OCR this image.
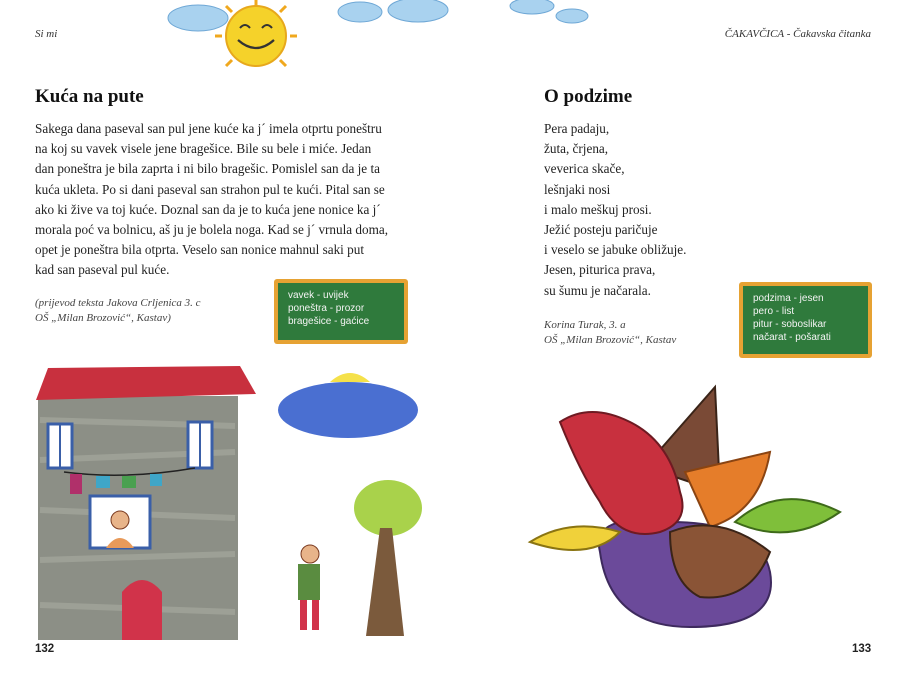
Si mi	ČAKAVČICA - Čakavska čitanka
Kuća na pute
Sakega dana paseval san pul jene kuće ka j´ imela otprtu poneštru
na koj su vavek visele jene bragešice. Bile su bele i miće. Jedan
dan poneštra je bila zaprta i ni bilo bragešic. Pomislel san da je ta
kuća ukleta. Po si dani paseval san strahon pul te kući. Pital san se
ako ki žive va toj kuće. Doznal san da je to kuća jene nonice ka j´
morala poć va bolnicu, aš ju je bolela noga. Kad se j´ vrnula doma,
opet je poneštra bila otprta. Veselo san nonice mahnul saki put
kad san paseval pul kuće.
(prijevod teksta Jakova Crljenica 3. c
OŠ „Milan Brozović“, Kastav)
vavek - uvijek
poneštra - prozor
bragešice - gaćice
132
O podzime
Pera padaju,
žuta, črjena,
veverica skače,
lešnjaki nosi
i malo meškuj prosi.
Ježić posteju paričuje
i veselo se jabuke obližuje.
Jesen, piturica prava,
su šumu je načarala.
Korina Turak, 3. a
OŠ „Milan Brozović“, Kastav
podzima - jesen
pero - list
pitur - soboslikar
načarat - pošarati
133
